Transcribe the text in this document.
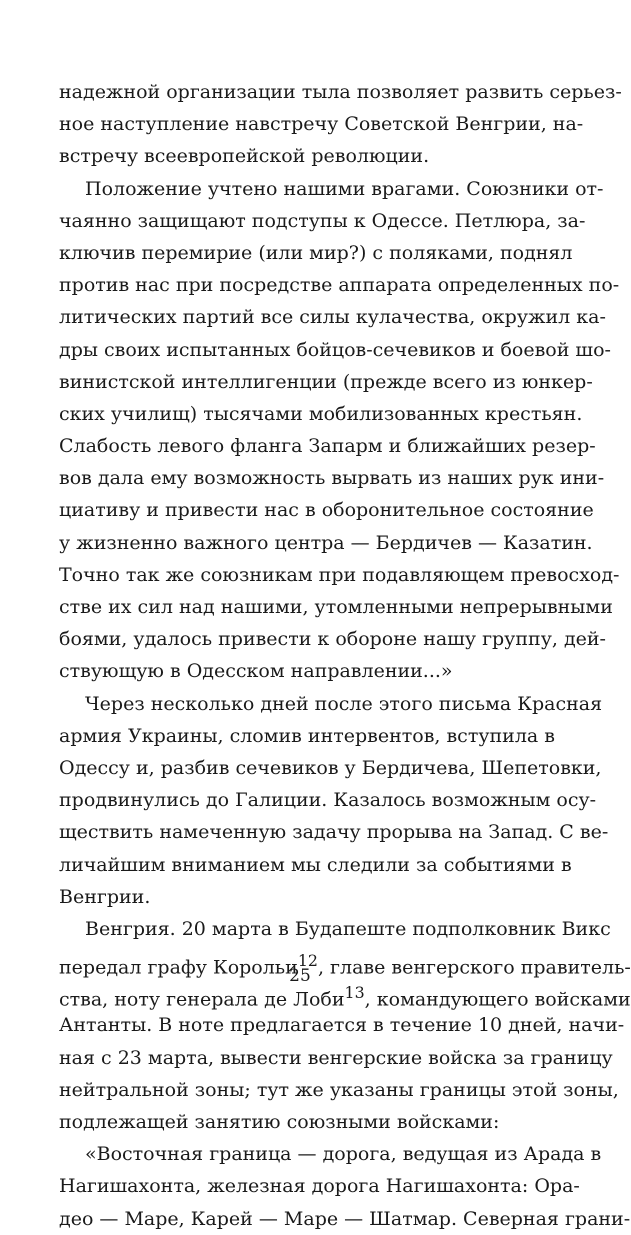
надежной организации тыла позволяет развить серьез-
ное наступление навстречу Советской Венгрии, на-
встречу всеевропейской революции.
Положение учтено нашими врагами. Союзники от-
чаянно защищают подступы к Одессе. Петлюра, за-
ключив перемирие (или мир?) с поляками, поднял
против нас при посредстве аппарата определенных по-
литических партий все силы кулачества, окружил ка-
дры своих испытанных бойцов-сечевиков и боевой шо-
винистской интеллигенции (прежде всего из юнкер-
ских училищ) тысячами мобилизованных крестьян.
Слабость левого фланга Запарм и ближайших резер-
вов дала ему возможность вырвать из наших рук ини-
циативу и привести нас в оборонительное состояние
у жизненно важного центра — Бердичев — Казатин.
Точно так же союзникам при подавляющем превосход-
стве их сил над нашими, утомленными непрерывными
боями, удалось привести к обороне нашу группу, дей-
ствующую в Одесском направлении...»
Через несколько дней после этого письма Красная
армия Украины, сломив интервентов, вступила в
Одессу и, разбив сечевиков у Бердичева, Шепетовки,
продвинулись до Галиции. Казалось возможным осу-
ществить намеченную задачу прорыва на Запад. С ве-
личайшим вниманием мы следили за событиями в
Венгрии.
Венгрия. 20 марта в Будапеште подполковник Викс
передал графу Корольи$^{12}$, главе венгерского правитель-
ства, ноту генерала де Лоби$^{13}$, командующего войсками
Антанты. В ноте предлагается в течение 10 дней, начи-
ная с 23 марта, вывести венгерские войска за границу
нейтральной зоны; тут же указаны границы этой зоны,
подлежащей занятию союзными войсками:
«Восточная граница — дорога, ведущая из Арада в
Нагишахонта, железная дорога Нагишахонта: Ора-
део — Маре, Карей — Маре — Шатмар. Северная грани-
25
